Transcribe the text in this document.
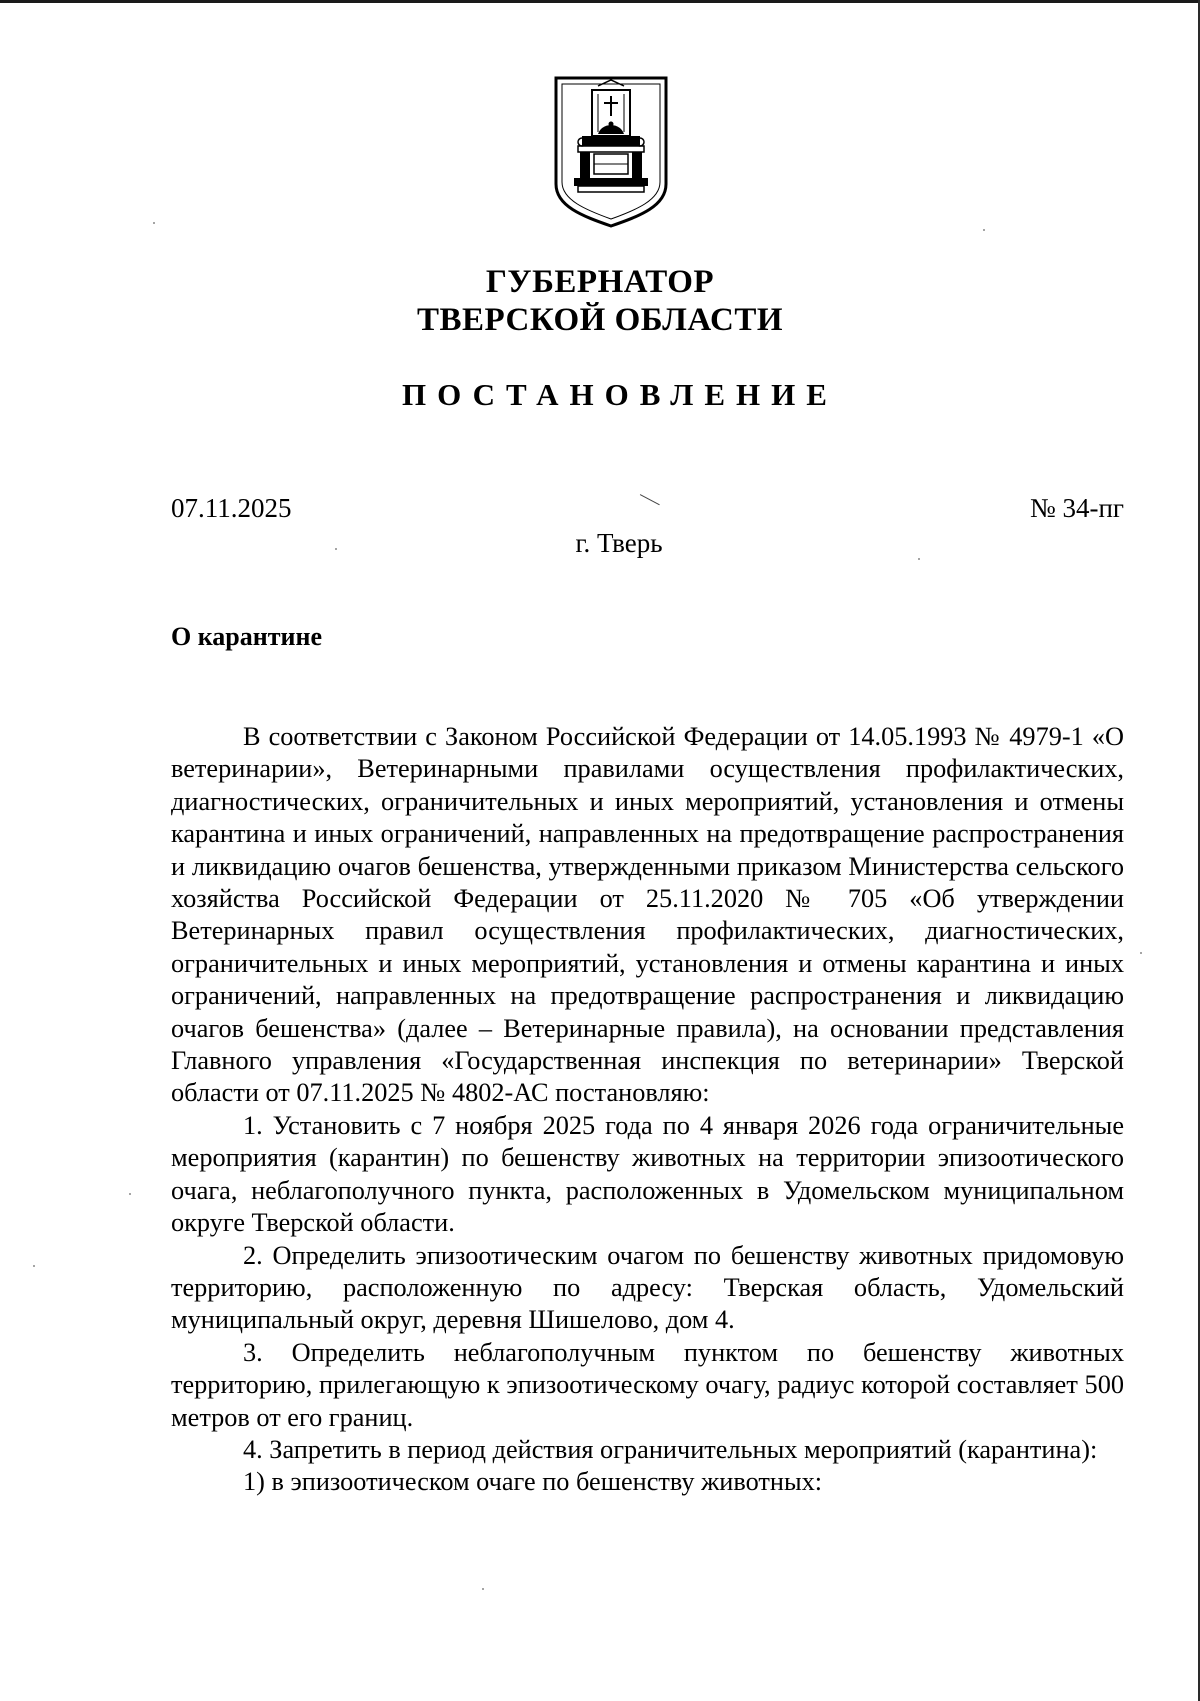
ГУБЕРНАТОР
ТВЕРСКОЙ ОБЛАСТИ
ПОСТАНОВЛЕНИЕ
07.11.2025	№ 34-пг
г. Тверь
О карантине

В соответствии с Законом Российской Федерации от 14.05.1993 № 4979-1 «О ветеринарии», Ветеринарными правилами осуществления профилактических, диагностических, ограничительных и иных мероприятий, установления и отмены карантина и иных ограничений, направленных на предотвращение распространения и ликвидацию очагов бешенства, утвержденными приказом Министерства сельского хозяйства Российской Федерации от 25.11.2020 № 705 «Об утверждении Ветеринарных правил осуществления профилактических, диагностических, ограничительных и иных мероприятий, установления и отмены карантина и иных ограничений, направленных на предотвращение распространения и ликвидацию очагов бешенства» (далее – Ветеринарные правила), на основании представления Главного управления «Государственная инспекция по ветеринарии» Тверской области от 07.11.2025 № 4802-АС постановляю:

1. Установить с 7 ноября 2025 года по 4 января 2026 года ограничительные мероприятия (карантин) по бешенству животных на территории эпизоотического очага, неблагополучного пункта, расположенных в Удомельском муниципальном округе Тверской области.

2. Определить эпизоотическим очагом по бешенству животных придомовую территорию, расположенную по адресу: Тверская область, Удомельский муниципальный округ, деревня Шишелово, дом 4.

3. Определить неблагополучным пунктом по бешенству животных территорию, прилегающую к эпизоотическому очагу, радиус которой составляет 500 метров от его границ.

4. Запретить в период действия ограничительных мероприятий (карантина):

1) в эпизоотическом очаге по бешенству животных:
